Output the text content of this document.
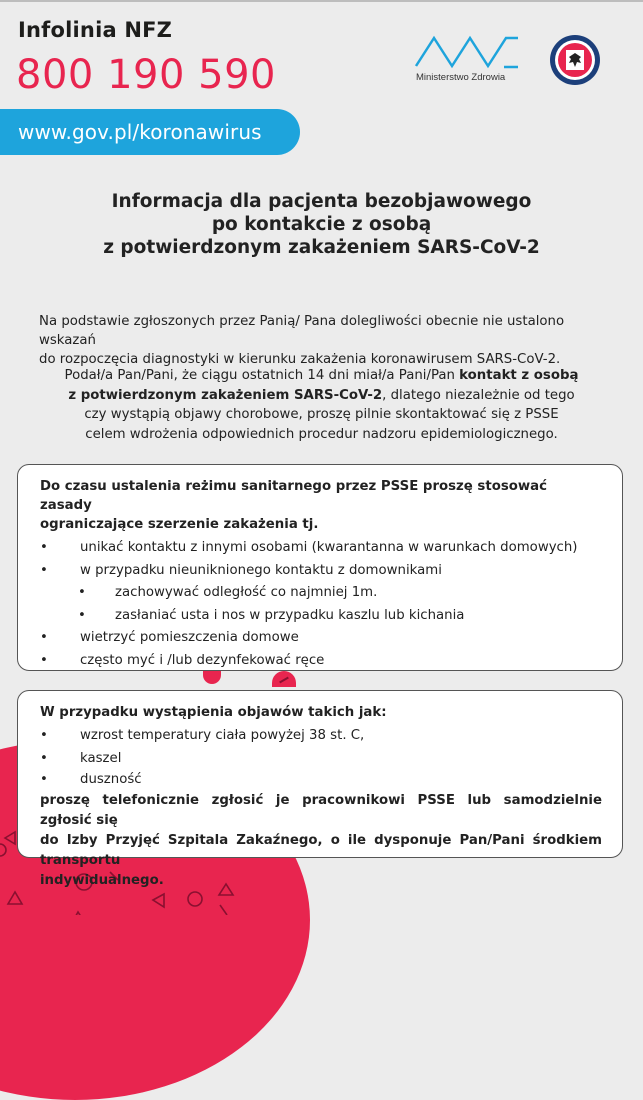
Infolinia NFZ
800 190 590
www.gov.pl/koronawirus
Ministerstwo Zdrowia
Informacja dla pacjenta bezobjawowego
po kontakcie z osobą
z potwierdzonym zakażeniem SARS-CoV-2
Na podstawie zgłoszonych przez Panią/ Pana dolegliwości obecnie nie ustalono wskazań
do rozpoczęcia diagnostyki w kierunku zakażenia koronawirusem SARS-CoV-2.
Podał/a Pan/Pani, że ciągu ostatnich 14 dni miał/a Pani/Pan kontakt z osobą
z potwierdzonym zakażeniem SARS-CoV-2, dlatego niezależnie od tego
czy wystąpią objawy chorobowe, proszę pilnie skontaktować się z PSSE
celem wdrożenia odpowiednich procedur nadzoru epidemiologicznego.
Do czasu ustalenia reżimu sanitarnego przez PSSE proszę stosować zasady
ograniczające szerzenie zakażenia tj.
• unikać kontaktu z innymi osobami (kwarantanna w warunkach domowych)
• w przypadku nieuniknionego kontaktu z domownikami
• zachowywać odległość co najmniej 1m.
• zasłaniać usta i nos w przypadku kaszlu lub kichania
• wietrzyć pomieszczenia domowe
• często myć i /lub dezynfekować ręce
W przypadku wystąpienia objawów takich jak:
• wzrost temperatury ciała powyżej 38 st. C,
• kaszel
• duszność
proszę telefonicznie zgłosić je pracownikowi PSSE lub samodzielnie zgłosić się
do Izby Przyjęć Szpitala Zakaźnego, o ile dysponuje Pan/Pani środkiem transportu
indywidualnego.
